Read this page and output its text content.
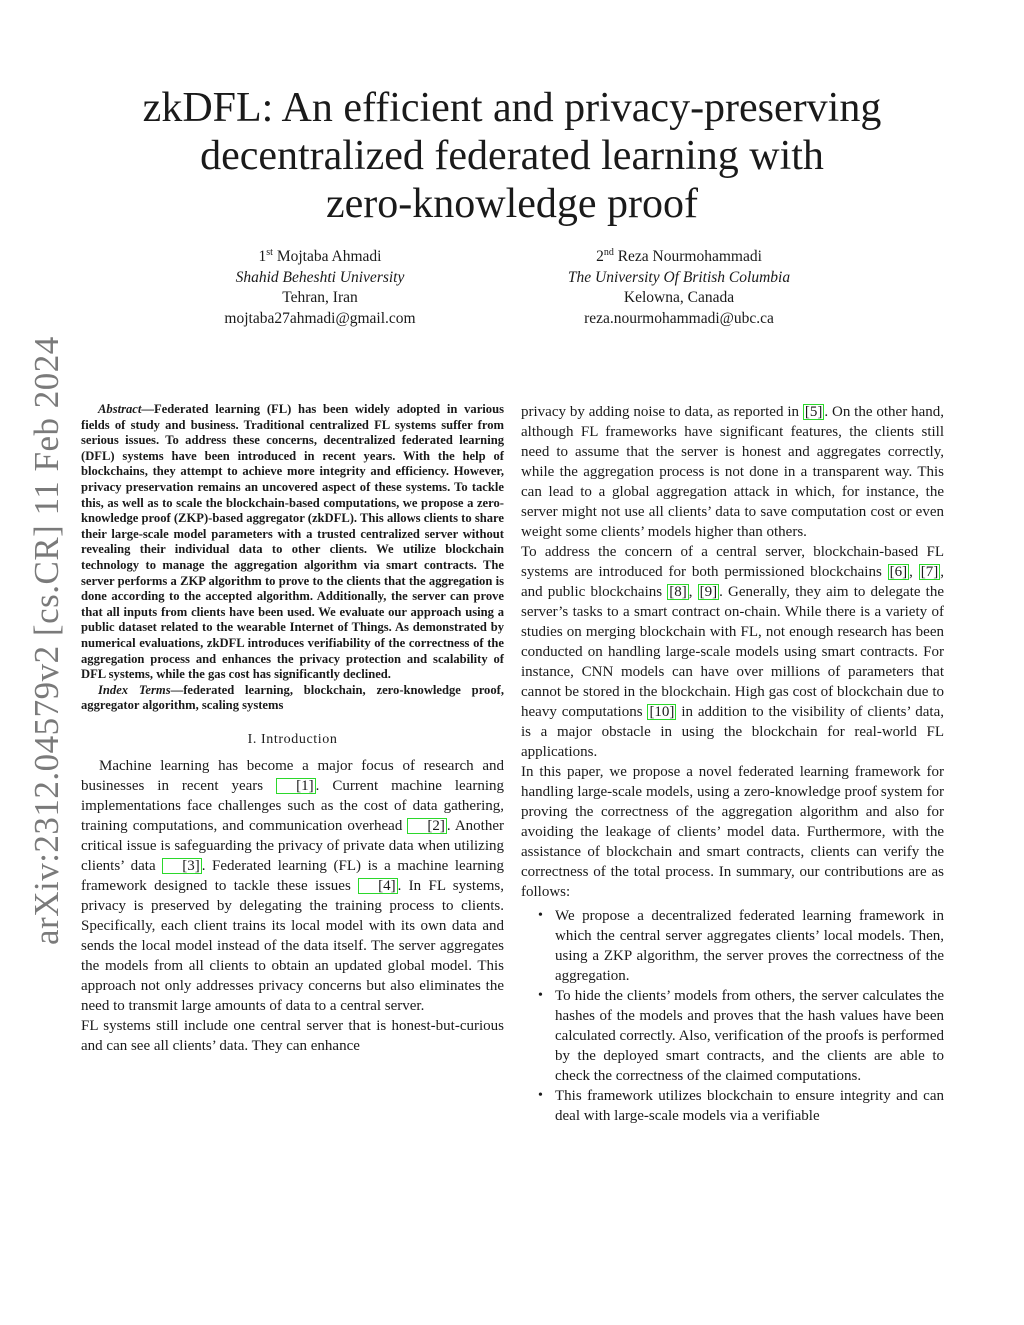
zkDFL: An efficient and privacy-preserving
decentralized federated learning with
zero-knowledge proof
1st Mojtaba Ahmadi
Shahid Beheshti University
Tehran, Iran
mojtaba27ahmadi@gmail.com
2nd Reza Nourmohammadi
The University Of British Columbia
Kelowna, Canada
reza.nourmohammadi@ubc.ca
arXiv:2312.04579v2 [cs.CR] 11 Feb 2024	Abstract—Federated learning (FL) has been widely adopted in various fields of study and business. Traditional centralized FL systems suffer from serious issues. To address these concerns, decentralized federated learning (DFL) systems have been introduced in recent years. With the help of blockchains, they attempt to achieve more integrity and efficiency. However, privacy preservation remains an uncovered aspect of these systems. To tackle this, as well as to scale the blockchain-based computations, we propose a zero-knowledge proof (ZKP)-based aggregator (zkDFL). This allows clients to share their large-scale model parameters with a trusted centralized server without revealing their individual data to other clients. We utilize blockchain technology to manage the aggregation algorithm via smart contracts. The server performs a ZKP algorithm to prove to the clients that the aggregation is done according to the accepted algorithm. Additionally, the server can prove that all inputs from clients have been used. We evaluate our approach using a public dataset related to the wearable Internet of Things. As demonstrated by numerical evaluations, zkDFL introduces verifiability of the correctness of the aggregation process and enhances the privacy protection and scalability of DFL systems, while the gas cost has significantly declined.

Index Terms—federated learning, blockchain, zero-knowledge proof, aggregator algorithm, scaling systems

I. Introduction

Machine learning has become a major focus of research and businesses in recent years [1] . Current machine learning implementations face challenges such as the cost of data gathering, training computations, and communication overhead [2] . Another critical issue is safeguarding the privacy of private data when utilizing clients’ data [3] . Federated learning (FL) is a machine learning framework designed to tackle these issues [4] . In FL systems, privacy is preserved by delegating the training process to clients. Specifically, each client trains its local model with its own data and sends the local model instead of the data itself. The server aggregates the models from all clients to obtain an updated global model. This approach not only addresses privacy concerns but also eliminates the need to transmit large amounts of data to a central server.

FL systems still include one central server that is honest-but-curious and can see all clients’ data. They can enhance

privacy by adding noise to data, as reported in [5] . On the other hand, although FL frameworks have significant features, the clients still need to assume that the server is honest and aggregates correctly, while the aggregation process is not done in a transparent way. This can lead to a global aggregation attack in which, for instance, the server might not use all clients’ data to save computation cost or even weight some clients’ models higher than others.

To address the concern of a central server, blockchain-based FL systems are introduced for both permissioned blockchains [6] , [7] , and public blockchains [8] , [9] . Generally, they aim to delegate the server’s tasks to a smart contract on-chain. While there is a variety of studies on merging blockchain with FL, not enough research has been conducted on handling large-scale models using smart contracts. For instance, CNN models can have over millions of parameters that cannot be stored in the blockchain. High gas cost of blockchain due to heavy computations [10] in addition to the visibility of clients’ data, is a major obstacle in using the blockchain for real-world FL applications.

In this paper, we propose a novel federated learning framework for handling large-scale models, using a zero-knowledge proof system for proving the correctness of the aggregation algorithm and also for avoiding the leakage of clients’ model data. Furthermore, with the assistance of blockchain and smart contracts, clients can verify the correctness of the total process. In summary, our contributions are as follows:

• We propose a decentralized federated learning framework in which the central server aggregates clients’ local models. Then, using a ZKP algorithm, the server proves the correctness of the aggregation.
• To hide the clients’ models from others, the server calculates the hashes of the models and proves that the hash values have been calculated correctly. Also, verification of the proofs is performed by the deployed smart contracts, and the clients are able to check the correctness of the claimed computations.
• This framework utilizes blockchain to ensure integrity and can deal with large-scale models via a verifiable
